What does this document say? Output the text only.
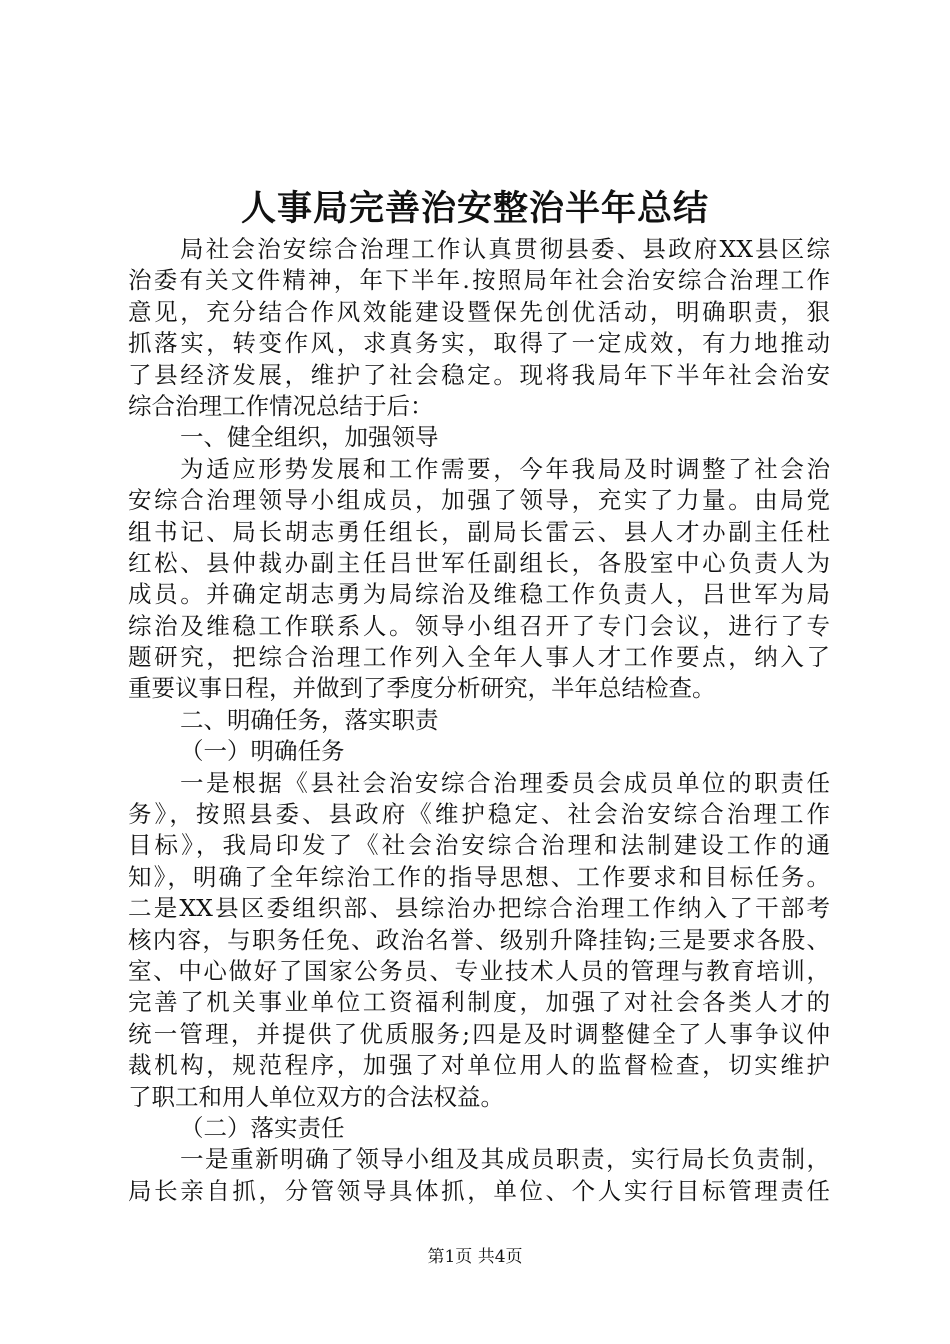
人事局完善治安整治半年总结
局社会治安综合治理工作认真贯彻县委、县政府XX县区综
治委有关文件精神，年下半年.按照局年社会治安综合治理工作
意见，充分结合作风效能建设暨保先创优活动，明确职责，狠
抓落实，转变作风，求真务实，取得了一定成效，有力地推动
了县经济发展，维护了社会稳定。现将我局年下半年社会治安
综合治理工作情况总结于后：
一、健全组织，加强领导
为适应形势发展和工作需要，今年我局及时调整了社会治
安综合治理领导小组成员，加强了领导，充实了力量。由局党
组书记、局长胡志勇任组长，副局长雷云、县人才办副主任杜
红松、县仲裁办副主任吕世军任副组长，各股室中心负责人为
成员。并确定胡志勇为局综治及维稳工作负责人，吕世军为局
综治及维稳工作联系人。领导小组召开了专门会议，进行了专
题研究，把综合治理工作列入全年人事人才工作要点，纳入了
重要议事日程，并做到了季度分析研究，半年总结检查。
二、明确任务，落实职责
（一）明确任务
一是根据《县社会治安综合治理委员会成员单位的职责任
务》，按照县委、县政府《维护稳定、社会治安综合治理工作
目标》，我局印发了《社会治安综合治理和法制建设工作的通
知》，明确了全年综治工作的指导思想、工作要求和目标任务。
二是XX县区委组织部、县综治办把综合治理工作纳入了干部考
核内容，与职务任免、政治名誉、级别升降挂钩;三是要求各股、
室、中心做好了国家公务员、专业技术人员的管理与教育培训，
完善了机关事业单位工资福利制度，加强了对社会各类人才的
统一管理，并提供了优质服务;四是及时调整健全了人事争议仲
裁机构，规范程序，加强了对单位用人的监督检查，切实维护
了职工和用人单位双方的合法权益。
（二）落实责任
一是重新明确了领导小组及其成员职责，实行局长负责制，
局长亲自抓，分管领导具体抓，单位、个人实行目标管理责任
第1页 共4页
